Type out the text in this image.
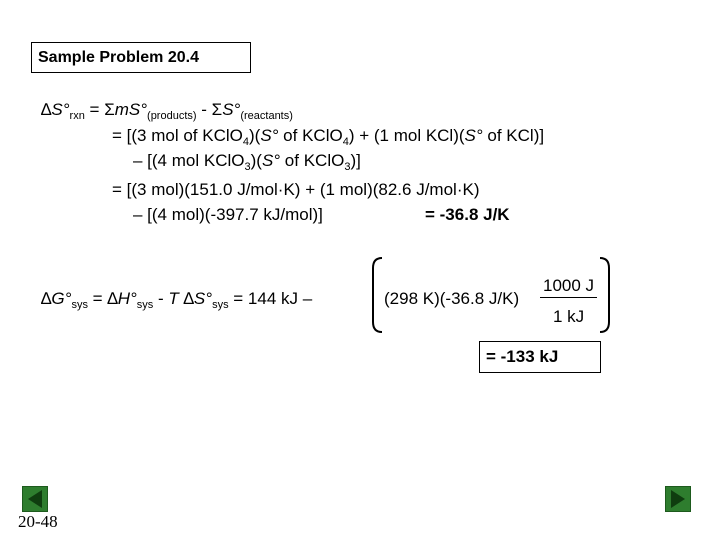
Sample Problem 20.4
$\Delta S^\circ_{rxn} = \Sigma mS^\circ_{(products)} - \Sigma S^\circ_{(reactants)}$
= [(3 mol of KClO$_4$)(S° of KClO$_4$) + (1 mol KCl)(S° of KCl)]
– [(4 mol KClO$_3$)(S° of KClO$_3$)]
= [(3 mol)(151.0 J/mol·K) + (1 mol)(82.6 J/mol·K)
– [(4 mol)(-397.7 kJ/mol)]	= -36.8 J/K
$\Delta G^\circ_{sys} = \Delta H^\circ_{sys} - T$ $\Delta S^\circ_{sys} = 144$ kJ –	(298 K)(-36.8 J/K)
1000 J
1 kJ
= -133 kJ
20-48
